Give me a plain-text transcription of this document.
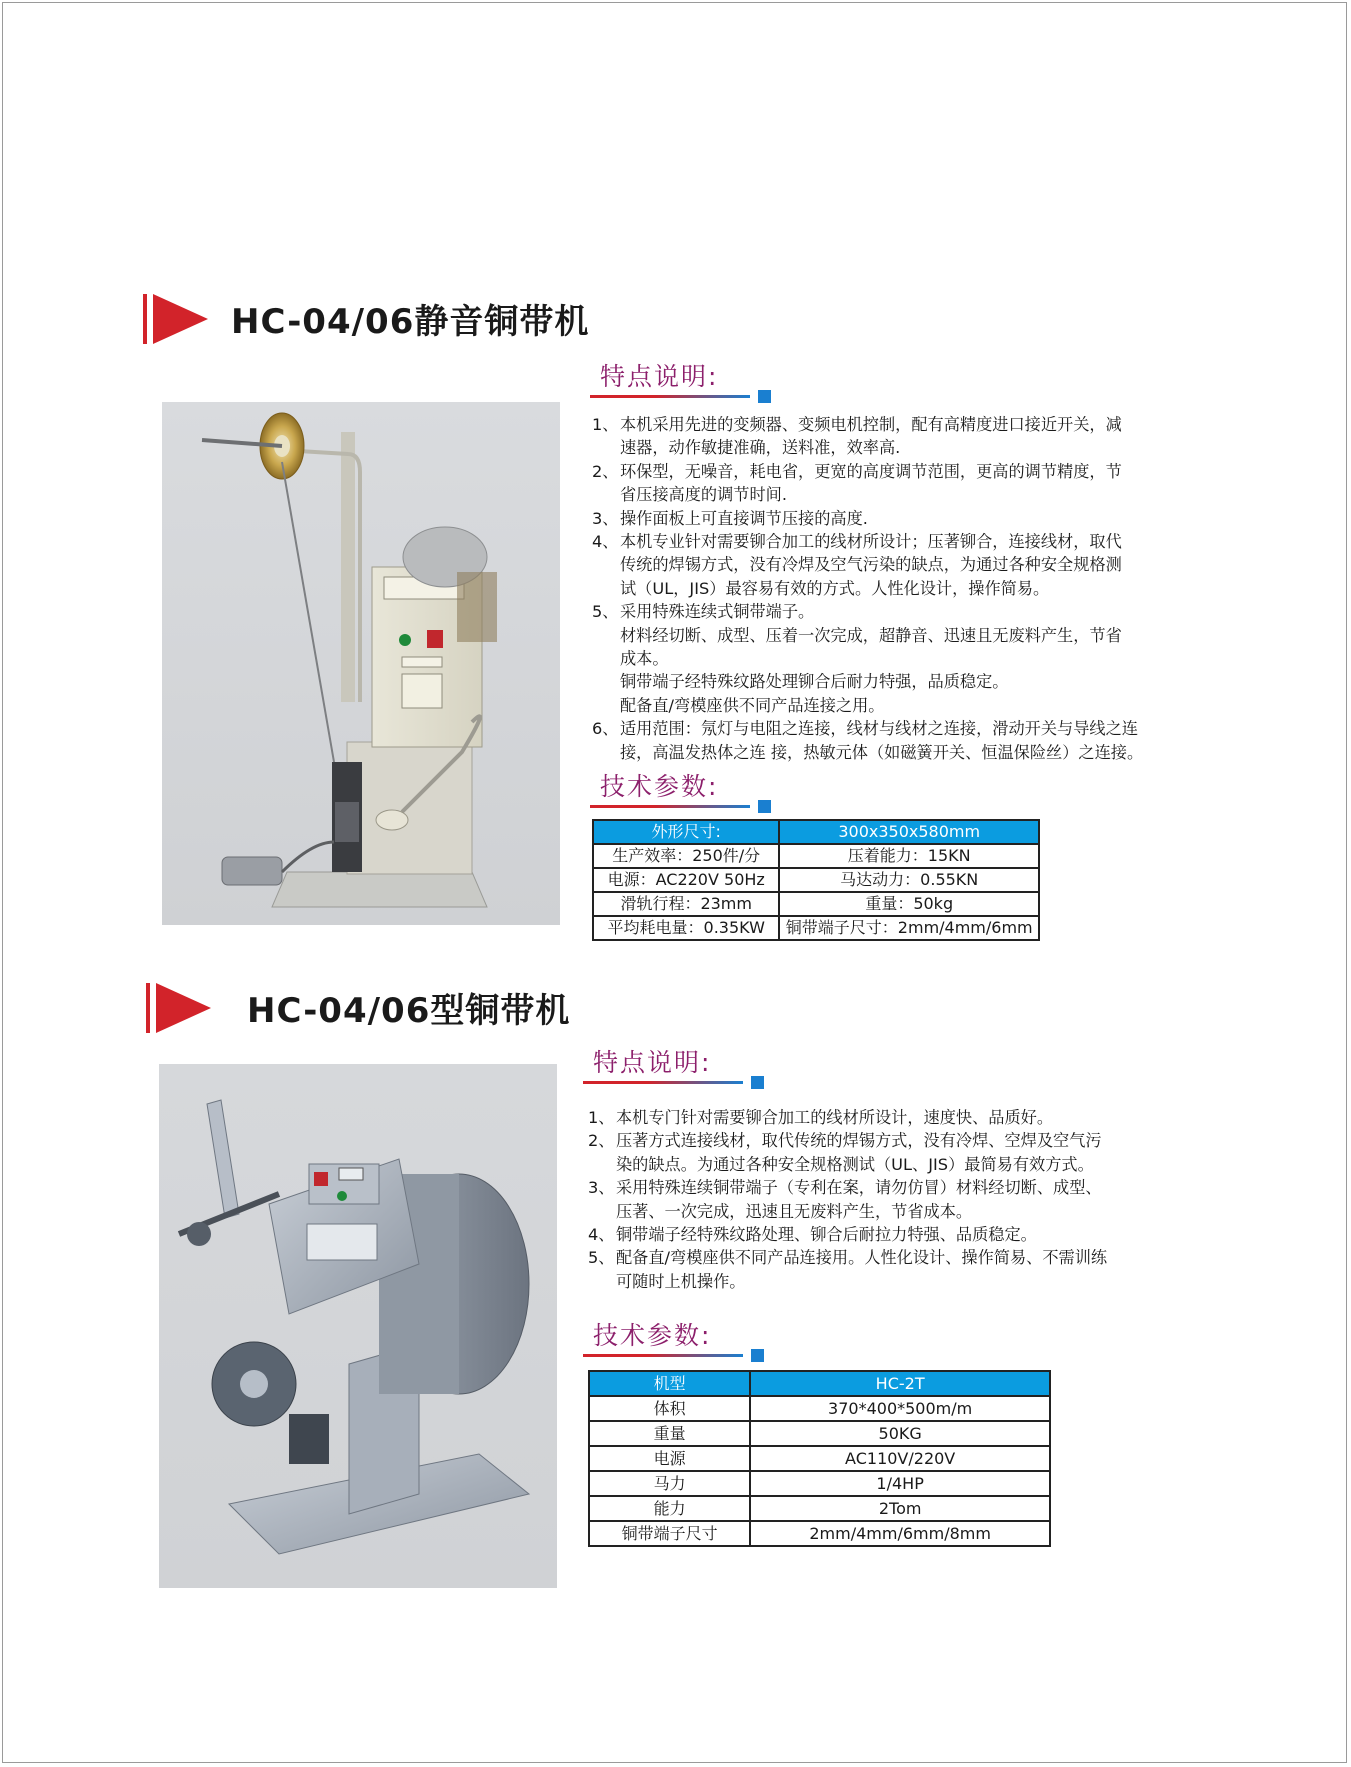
HC-04/06静音铜带机
特点说明:
1、 本机采用先进的变频器、变频电机控制，配有高精度进口接近开关，减
速器，动作敏捷准确，送料准，效率高.
2、 环保型，无噪音，耗电省，更宽的高度调节范围，更高的调节精度，节
省压接高度的调节时间.
3、 操作面板上可直接调节压接的高度.
4、 本机专业针对需要铆合加工的线材所设计；压著铆合，连接线材，取代
传统的焊锡方式，没有冷焊及空气污染的缺点，为通过各种安全规格测
试（UL，JIS）最容易有效的方式。人性化设计，操作简易。
5、 采用特殊连续式铜带端子。
材料经切断、成型、压着一次完成，超静音、迅速且无废料产生，节省
成本。
铜带端子经特殊纹路处理铆合后耐力特强，品质稳定。
配备直/弯模座供不同产品连接之用。
6、 适用范围：氖灯与电阻之连接，线材与线材之连接，滑动开关与导线之连
接，高温发热体之连 接，热敏元体（如磁簧开关、恒温保险丝）之连接。
技术参数:
外形尺寸:	300x350x580mm
生产效率：250件/分	压着能力：15KN
电源：AC220V 50Hz	马达动力：0.55KN
滑轨行程：23mm	重量：50kg
平均耗电量：0.35KW	铜带端子尺寸：2mm/4mm/6mm
HC-04/06型铜带机
特点说明:
1、 本机专门针对需要铆合加工的线材所设计，速度快、品质好。
2、 压著方式连接线材，取代传统的焊锡方式，没有冷焊、空焊及空气污
染的缺点。为通过各种安全规格测试（UL、JIS）最简易有效方式。
3、 采用特殊连续铜带端子（专利在案，请勿仿冒）材料经切断、成型、
压著、一次完成，迅速且无废料产生，节省成本。
4、 铜带端子经特殊纹路处理、铆合后耐拉力特强、品质稳定。
5、 配备直/弯模座供不同产品连接用。人性化设计、操作简易、不需训练
可随时上机操作。
技术参数:
机型	HC-2T
体积	370*400*500m/m
重量	50KG
电源	AC110V/220V
马力	1/4HP
能力	2Tom
铜带端子尺寸	2mm/4mm/6mm/8mm
